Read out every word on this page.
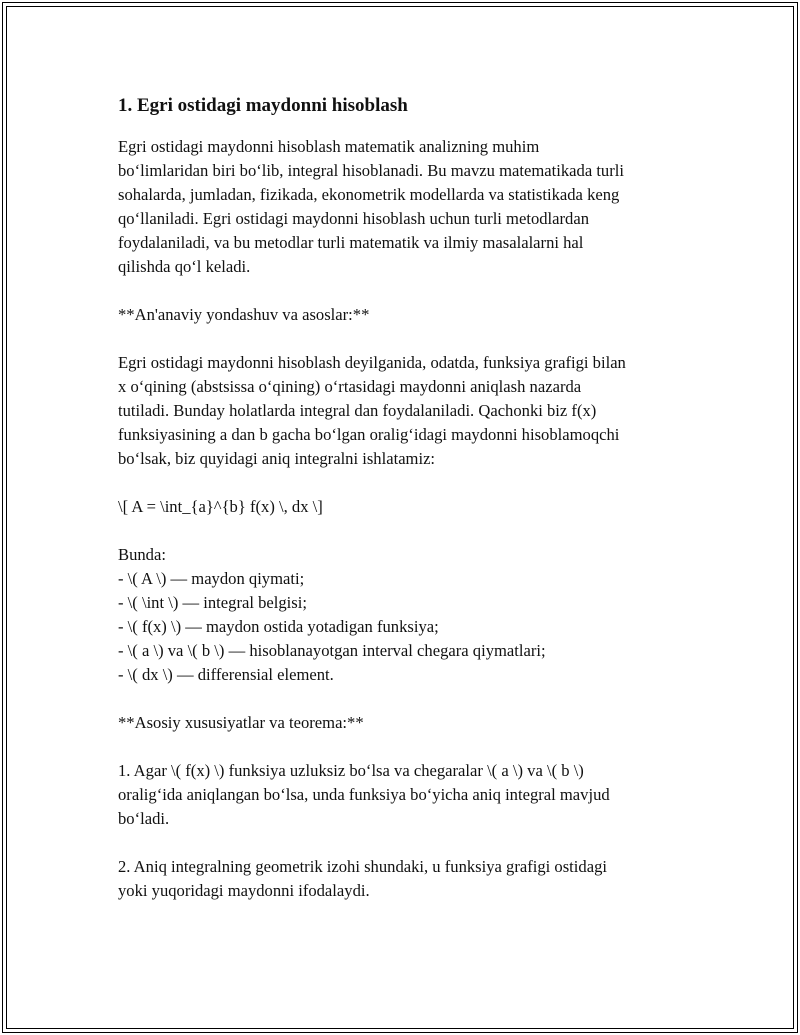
1. Egri ostidagi maydonni hisoblash

Egri ostidagi maydonni hisoblash matematik analizning muhim
bo‘limlaridan biri bo‘lib, integral hisoblanadi. Bu mavzu matematikada turli
sohalarda, jumladan, fizikada, ekonometrik modellarda va statistikada keng
qo‘llaniladi. Egri ostidagi maydonni hisoblash uchun turli metodlardan
foydalaniladi, va bu metodlar turli matematik va ilmiy masalalarni hal
qilishda qo‘l keladi.

**An'anaviy yondashuv va asoslar:**

Egri ostidagi maydonni hisoblash deyilganida, odatda, funksiya grafigi bilan
x o‘qining (abstsissa o‘qining) o‘rtasidagi maydonni aniqlash nazarda
tutiladi. Bunday holatlarda integral dan foydalaniladi. Qachonki biz f(x)
funksiyasining a dan b gacha bo‘lgan oralig‘idagi maydonni hisoblamoqchi
bo‘lsak, biz quyidagi aniq integralni ishlatamiz:

\[ A = \int_{a}^{b} f(x) \, dx \]

Bunda:
- \( A \) — maydon qiymati;
- \( \int \) — integral belgisi;
- \( f(x) \) — maydon ostida yotadigan funksiya;
- \( a \) va \( b \) — hisoblanayotgan interval chegara qiymatlari;
- \( dx \) — differensial element.

**Asosiy xususiyatlar va teorema:**

1. Agar \( f(x) \) funksiya uzluksiz bo‘lsa va chegaralar \( a \) va \( b \)
oralig‘ida aniqlangan bo‘lsa, unda funksiya bo‘yicha aniq integral mavjud
bo‘ladi.

2. Aniq integralning geometrik izohi shundaki, u funksiya grafigi ostidagi
yoki yuqoridagi maydonni ifodalaydi.
